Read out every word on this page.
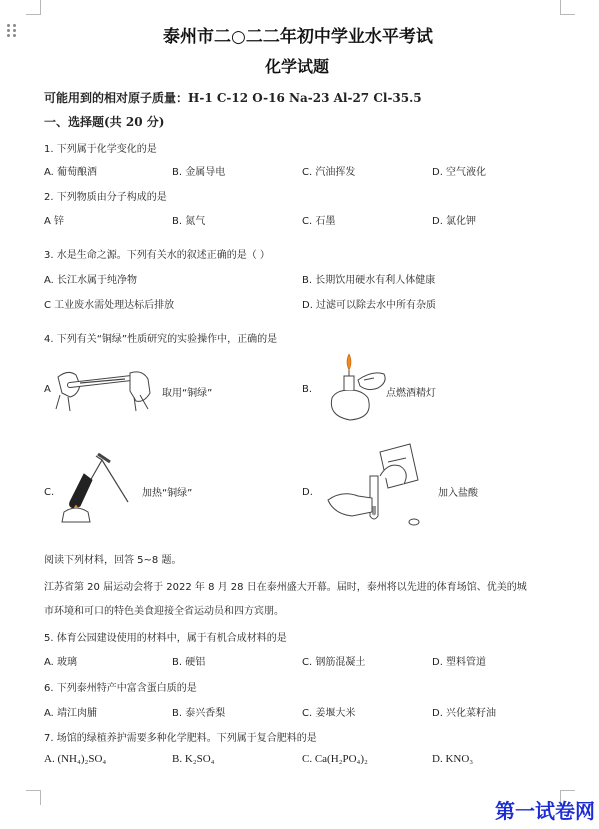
泰州市二○二二年初中学业水平考试
化学试题
可能用到的相对原子质量：H-1 C-12 O-16 Na-23 Al-27 Cl-35.5
一、选择题(共 20 分)
1. 下列属于化学变化的是
A. 葡萄酿酒	B. 金属导电	C. 汽油挥发	D. 空气液化
2. 下列物质由分子构成的是
A 锌	B. 氮气	C. 石墨	D. 氯化钾
3. 水是生命之源。下列有关水的叙述正确的是（ ）
A. 长江水属于纯净物	B. 长期饮用硬水有利人体健康
C 工业废水需处理达标后排放	D. 过滤可以除去水中所有杂质
4. 下列有关“铜绿”性质研究的实验操作中，正确的是
A	取用“铜绿”	B.	点燃酒精灯
C.	加热“铜绿”	D.	加入盐酸
阅读下列材料，回答 5~8 题。
江苏省第 20 届运动会将于 2022 年 8 月 28 日在泰州盛大开幕。届时，泰州将以先进的体育场馆、优美的城
市环境和可口的特色美食迎接全省运动员和四方宾朋。
5. 体育公园建设使用的材料中，属于有机合成材料的是
A. 玻璃	B. 硬铝	C. 钢筋混凝土	D. 塑料管道
6. 下列泰州特产中富含蛋白质的是
A. 靖江肉脯	B. 泰兴香梨	C. 姜堰大米	D. 兴化菜籽油
7. 场馆的绿植养护需要多种化学肥料。下列属于复合肥料的是
A. (NH₄)₂SO₄	B. K₂SO₄	C. Ca(H₂PO₄)₂	D. KNO₃
第一试卷网
